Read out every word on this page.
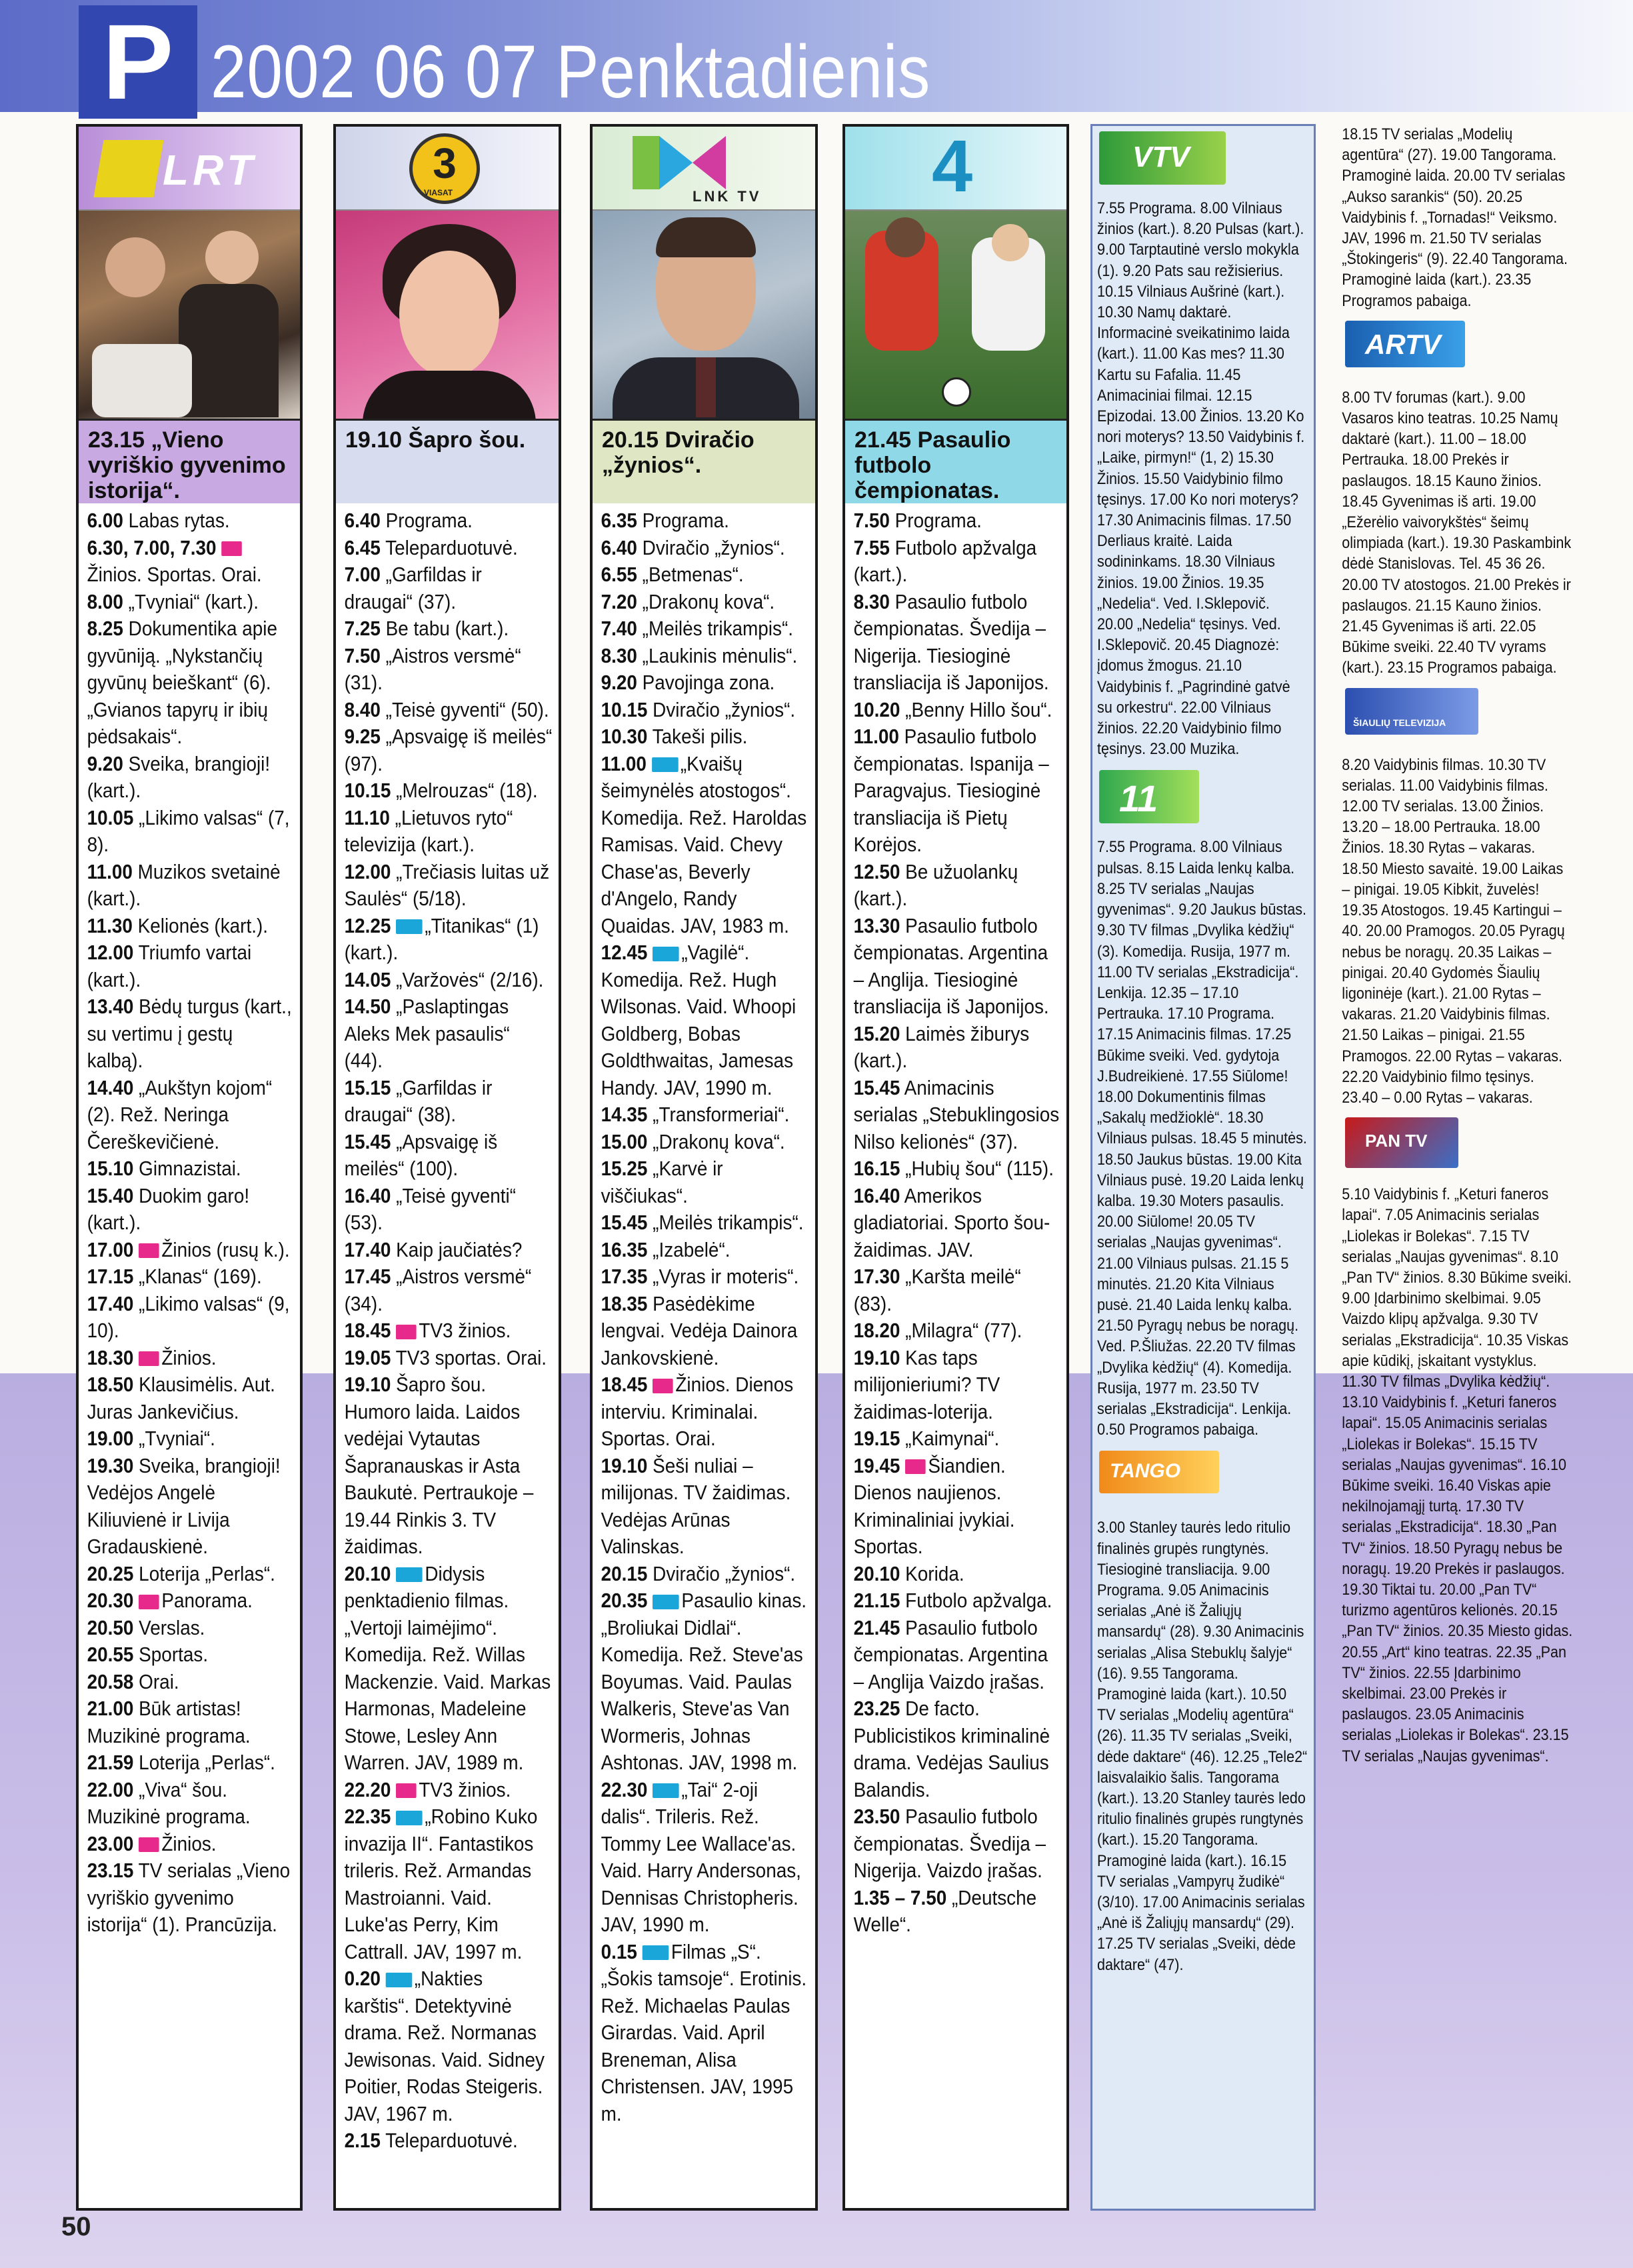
P 2002 06 07 Penktadienis
LRT
23.15 „Vieno vyriškio gyvenimo istorija“.

6.00 Labas rytas.

6.30, 7.00, 7.30 Žinios. Sportas. Orai.

8.00 „Tvyniai“ (kart.).

8.25 Dokumentika apie gyvūniją. „Nykstančių gyvūnų beieškant“ (6). „Gvianos tapyrų ir ibių pėdsakais“.

9.20 Sveika, brangioji! (kart.).

10.05 „Likimo valsas“ (7, 8).

11.00 Muzikos svetainė (kart.).

11.30 Kelionės (kart.).

12.00 Triumfo vartai (kart.).

13.40 Bėdų turgus (kart., su vertimu į gestų kalbą).

14.40 „Aukštyn kojom“ (2). Rež. Neringa Čereškevičienė.

15.10 Gimnazistai.

15.40 Duokim garo! (kart.).

17.00 Žinios (rusų k.).

17.15 „Klanas“ (169).

17.40 „Likimo valsas“ (9, 10).

18.30 Žinios.

18.50 Klausimėlis. Aut. Juras Jankevičius.

19.00 „Tvyniai“.

19.30 Sveika, brangioji! Vedėjos Angelė Kiliuvienė ir Livija Gradauskienė.

20.25 Loterija „Perlas“.

20.30 Panorama.

20.50 Verslas.

20.55 Sportas.

20.58 Orai.

21.00 Būk artistas! Muzikinė programa.

21.59 Loterija „Perlas“.

22.00 „Viva“ šou. Muzikinė programa.

23.00 Žinios.

23.15 TV serialas „Vieno vyriškio gyvenimo istorija“ (1). Prancūzija.

3
VIASAT
19.10 Šapro šou.

6.40 Programa.

6.45 Teleparduotuvė.

7.00 „Garfildas ir draugai“ (37).

7.25 Be tabu (kart.).

7.50 „Aistros versmė“ (31).

8.40 „Teisė gyventi“ (50).

9.25 „Apsvaigę iš meilės“ (97).

10.15 „Melrouzas“ (18).

11.10 „Lietuvos ryto“ televizija (kart.).

12.00 „Trečiasis luitas už Saulės“ (5/18).

12.25 „Titanikas“ (1) (kart.).

14.05 „Varžovės“ (2/16).

14.50 „Paslaptingas Aleks Mek pasaulis“ (44).

15.15 „Garfildas ir draugai“ (38).

15.45 „Apsvaigę iš meilės“ (100).

16.40 „Teisė gyventi“ (53).

17.40 Kaip jaučiatės?

17.45 „Aistros versmė“ (34).

18.45 TV3 žinios.

19.05 TV3 sportas. Orai.

19.10 Šapro šou. Humoro laida. Laidos vedėjai Vytautas Šapranauskas ir Asta Baukutė. Pertraukoje – 19.44 Rinkis 3. TV žaidimas.

20.10 Didysis penktadienio filmas. „Vertoji laimėjimo“. Komedija. Rež. Willas Mackenzie. Vaid. Markas Harmonas, Madeleine Stowe, Lesley Ann Warren. JAV, 1989 m.

22.20 TV3 žinios.

22.35 „Robino Kuko invazija II“. Fantastikos trileris. Rež. Armandas Mastroianni. Vaid. Luke'as Perry, Kim Cattrall. JAV, 1997 m.

0.20 „Nakties karštis“. Detektyvinė drama. Rež. Normanas Jewisonas. Vaid. Sidney Poitier, Rodas Steigeris. JAV, 1967 m.

2.15 Teleparduotuvė.

LNK TV
20.15 Dviračio „žynios“.

6.35 Programa.

6.40 Dviračio „žynios“.

6.55 „Betmenas“.

7.20 „Drakonų kova“.

7.40 „Meilės trikampis“.

8.30 „Laukinis mėnulis“.

9.20 Pavojinga zona.

10.15 Dviračio „žynios“.

10.30 Takeši pilis.

11.00 „Kvaišų šeimynėlės atostogos“. Komedija. Rež. Haroldas Ramisas. Vaid. Chevy Chase'as, Beverly d'Angelo, Randy Quaidas. JAV, 1983 m.

12.45 „Vagilė“. Komedija. Rež. Hugh Wilsonas. Vaid. Whoopi Goldberg, Bobas Goldthwaitas, Jamesas Handy. JAV, 1990 m.

14.35 „Transformeriai“.

15.00 „Drakonų kova“.

15.25 „Karvė ir viščiukas“.

15.45 „Meilės trikampis“.

16.35 „Izabelė“.

17.35 „Vyras ir moteris“.

18.35 Pasėdėkime lengvai. Vedėja Dainora Jankovskienė.

18.45 Žinios. Dienos interviu. Kriminalai. Sportas. Orai.

19.10 Šeši nuliai – milijonas. TV žaidimas. Vedėjas Arūnas Valinskas.

20.15 Dviračio „žynios“.

20.35 Pasaulio kinas. „Broliukai Didlai“. Komedija. Rež. Steve'as Boyumas. Vaid. Paulas Walkeris, Steve'as Van Wormeris, Johnas Ashtonas. JAV, 1998 m.

22.30 „Tai“ 2-oji dalis“. Trileris. Rež. Tommy Lee Wallace'as. Vaid. Harry Andersonas, Dennisas Christopheris. JAV, 1990 m.

0.15 Filmas „S“. „Šokis tamsoje“. Erotinis. Rež. Michaelas Paulas Girardas. Vaid. April Breneman, Alisa Christensen. JAV, 1995 m.

4
21.45 Pasaulio futbolo čempionatas.

7.50 Programa.

7.55 Futbolo apžvalga (kart.).

8.30 Pasaulio futbolo čempionatas. Švedija – Nigerija. Tiesioginė transliacija iš Japonijos.

10.20 „Benny Hillo šou“.

11.00 Pasaulio futbolo čempionatas. Ispanija – Paragvajus. Tiesioginė transliacija iš Pietų Korėjos.

12.50 Be užuolankų (kart.).

13.30 Pasaulio futbolo čempionatas. Argentina – Anglija. Tiesioginė transliacija iš Japonijos.

15.20 Laimės žiburys (kart.).

15.45 Animacinis serialas „Stebuklingosios Nilso kelionės“ (37).

16.15 „Hubių šou“ (115).

16.40 Amerikos gladiatoriai. Sporto šou-žaidimas. JAV.

17.30 „Karšta meilė“ (83).

18.20 „Milagra“ (77).

19.10 Kas taps milijonieriumi? TV žaidimas-loterija.

19.15 „Kaimynai“.

19.45 Šiandien. Dienos naujienos. Kriminaliniai įvykiai. Sportas.

20.10 Korida.

21.15 Futbolo apžvalga.

21.45 Pasaulio futbolo čempionatas. Argentina – Anglija Vaizdo įrašas.

23.25 De facto. Publicistikos kriminalinė drama. Vedėjas Saulius Balandis.

23.50 Pasaulio futbolo čempionatas. Švedija – Nigerija. Vaizdo įrašas.

1.35 – 7.50 „Deutsche Welle“.

VTV
7.55 Programa. 8.00 Vilniaus žinios (kart.). 8.20 Pulsas (kart.). 9.00 Tarptautinė verslo mokykla (1). 9.20 Pats sau režisierius. 10.15 Vilniaus Aušrinė (kart.). 10.30 Namų daktarė. Informacinė sveikatinimo laida (kart.). 11.00 Kas mes? 11.30 Kartu su Fafalia. 11.45 Animaciniai filmai. 12.15 Epizodai. 13.00 Žinios. 13.20 Ko nori moterys? 13.50 Vaidybinis f. „Laike, pirmyn!“ (1, 2) 15.30 Žinios. 15.50 Vaidybinio filmo tęsinys. 17.00 Ko nori moterys? 17.30 Animacinis filmas. 17.50 Derliaus kraitė. Laida sodininkams. 18.30 Vilniaus žinios. 19.00 Žinios. 19.35 „Nedelia“. Ved. I.Sklepovič. 20.00 „Nedelia“ tęsinys. Ved. I.Sklepovič. 20.45 Diagnozė: įdomus žmogus. 21.10 Vaidybinis f. „Pagrindinė gatvė su orkestru“. 22.00 Vilniaus žinios. 22.20 Vaidybinio filmo tęsinys. 23.00 Muzika.
11
7.55 Programa. 8.00 Vilniaus pulsas. 8.15 Laida lenkų kalba. 8.25 TV serialas „Naujas gyvenimas“. 9.20 Jaukus būstas. 9.30 TV filmas „Dvylika kėdžių“ (3). Komedija. Rusija, 1977 m. 11.00 TV serialas „Ekstradicija“. Lenkija. 12.35 – 17.10 Pertrauka. 17.10 Programa. 17.15 Animacinis filmas. 17.25 Būkime sveiki. Ved. gydytoja J.Budreikienė. 17.55 Siūlome! 18.00 Dokumentinis filmas „Sakalų medžioklė“. 18.30 Vilniaus pulsas. 18.45 5 minutės. 18.50 Jaukus būstas. 19.00 Kita Vilniaus pusė. 19.20 Laida lenkų kalba. 19.30 Moters pasaulis. 20.00 Siūlome! 20.05 TV serialas „Naujas gyvenimas“. 21.00 Vilniaus pulsas. 21.15 5 minutės. 21.20 Kita Vilniaus pusė. 21.40 Laida lenkų kalba. 21.50 Pyragų nebus be noragų. Ved. P.Šliužas. 22.20 TV filmas „Dvylika kėdžių“ (4). Komedija. Rusija, 1977 m. 23.50 TV serialas „Ekstradicija“. Lenkija. 0.50 Programos pabaiga.
TANGO
3.00 Stanley taurės ledo ritulio finalinės grupės rungtynės. Tiesioginė transliacija. 9.00 Programa. 9.05 Animacinis serialas „Anė iš Žaliųjų mansardų“ (28). 9.30 Animacinis serialas „Alisa Stebuklų šalyje“ (16). 9.55 Tangorama. Pramoginė laida (kart.). 10.50 TV serialas „Modelių agentūra“ (26). 11.35 TV serialas „Sveiki, dėde daktare“ (46). 12.25 „Tele2“ laisvalaikio šalis. Tangorama (kart.). 13.20 Stanley taurės ledo ritulio finalinės grupės rungtynės (kart.). 15.20 Tangorama. Pramoginė laida (kart.). 16.15 TV serialas „Vampyrų žudikė“ (3/10). 17.00 Animacinis serialas „Anė iš Žaliųjų mansardų“ (29). 17.25 TV serialas „Sveiki, dėde daktare“ (47).
18.15 TV serialas „Modelių agentūra“ (27). 19.00 Tangorama. Pramoginė laida. 20.00 TV serialas „Aukso sarankis“ (50). 20.25 Vaidybinis f. „Tornadas!“ Veiksmo. JAV, 1996 m. 21.50 TV serialas „Štokingeris“ (9). 22.40 Tangorama. Pramoginė laida (kart.). 23.35 Programos pabaiga.
ARTV
8.00 TV forumas (kart.). 9.00 Vasaros kino teatras. 10.25 Namų daktarė (kart.). 11.00 – 18.00 Pertrauka. 18.00 Prekės ir paslaugos. 18.15 Kauno žinios. 18.45 Gyvenimas iš arti. 19.00 „Ežerėlio vaivorykštės“ šeimų olimpiada (kart.). 19.30 Paskambink dėdė Stanislovas. Tel. 45 36 26. 20.00 TV atostogos. 21.00 Prekės ir paslaugos. 21.15 Kauno žinios. 21.45 Gyvenimas iš arti. 22.05 Būkime sveiki. 22.40 TV vyrams (kart.). 23.15 Programos pabaiga.
ŠIAULIŲ TELEVIZIJA
8.20 Vaidybinis filmas. 10.30 TV serialas. 11.00 Vaidybinis filmas. 12.00 TV serialas. 13.00 Žinios. 13.20 – 18.00 Pertrauka. 18.00 Žinios. 18.30 Rytas – vakaras. 18.50 Miesto savaitė. 19.00 Laikas – pinigai. 19.05 Kibkit, žuvelės! 19.35 Atostogos. 19.45 Kartingui – 40. 20.00 Pramogos. 20.05 Pyragų nebus be noragų. 20.35 Laikas – pinigai. 20.40 Gydomės Šiaulių ligoninėje (kart.). 21.00 Rytas – vakaras. 21.20 Vaidybinis filmas. 21.50 Laikas – pinigai. 21.55 Pramogos. 22.00 Rytas – vakaras. 22.20 Vaidybinio filmo tęsinys. 23.40 – 0.00 Rytas – vakaras.
PAN TV
5.10 Vaidybinis f. „Keturi faneros lapai“. 7.05 Animacinis serialas „Liolekas ir Bolekas“. 7.15 TV serialas „Naujas gyvenimas“. 8.10 „Pan TV“ žinios. 8.30 Būkime sveiki. 9.00 Įdarbinimo skelbimai. 9.05 Vaizdo klipų apžvalga. 9.30 TV serialas „Ekstradicija“. 10.35 Viskas apie kūdikį, įskaitant vystyklus. 11.30 TV filmas „Dvylika kėdžių“. 13.10 Vaidybinis f. „Keturi faneros lapai“. 15.05 Animacinis serialas „Liolekas ir Bolekas“. 15.15 TV serialas „Naujas gyvenimas“. 16.10 Būkime sveiki. 16.40 Viskas apie nekilnojamąjį turtą. 17.30 TV serialas „Ekstradicija“. 18.30 „Pan TV“ žinios. 18.50 Pyragų nebus be noragų. 19.20 Prekės ir paslaugos. 19.30 Tiktai tu. 20.00 „Pan TV“ turizmo agentūros kelionės. 20.15 „Pan TV“ žinios. 20.35 Miesto gidas. 20.55 „Art“ kino teatras. 22.35 „Pan TV“ žinios. 22.55 Įdarbinimo skelbimai. 23.00 Prekės ir paslaugos. 23.05 Animacinis serialas „Liolekas ir Bolekas“. 23.15 TV serialas „Naujas gyvenimas“.
50
